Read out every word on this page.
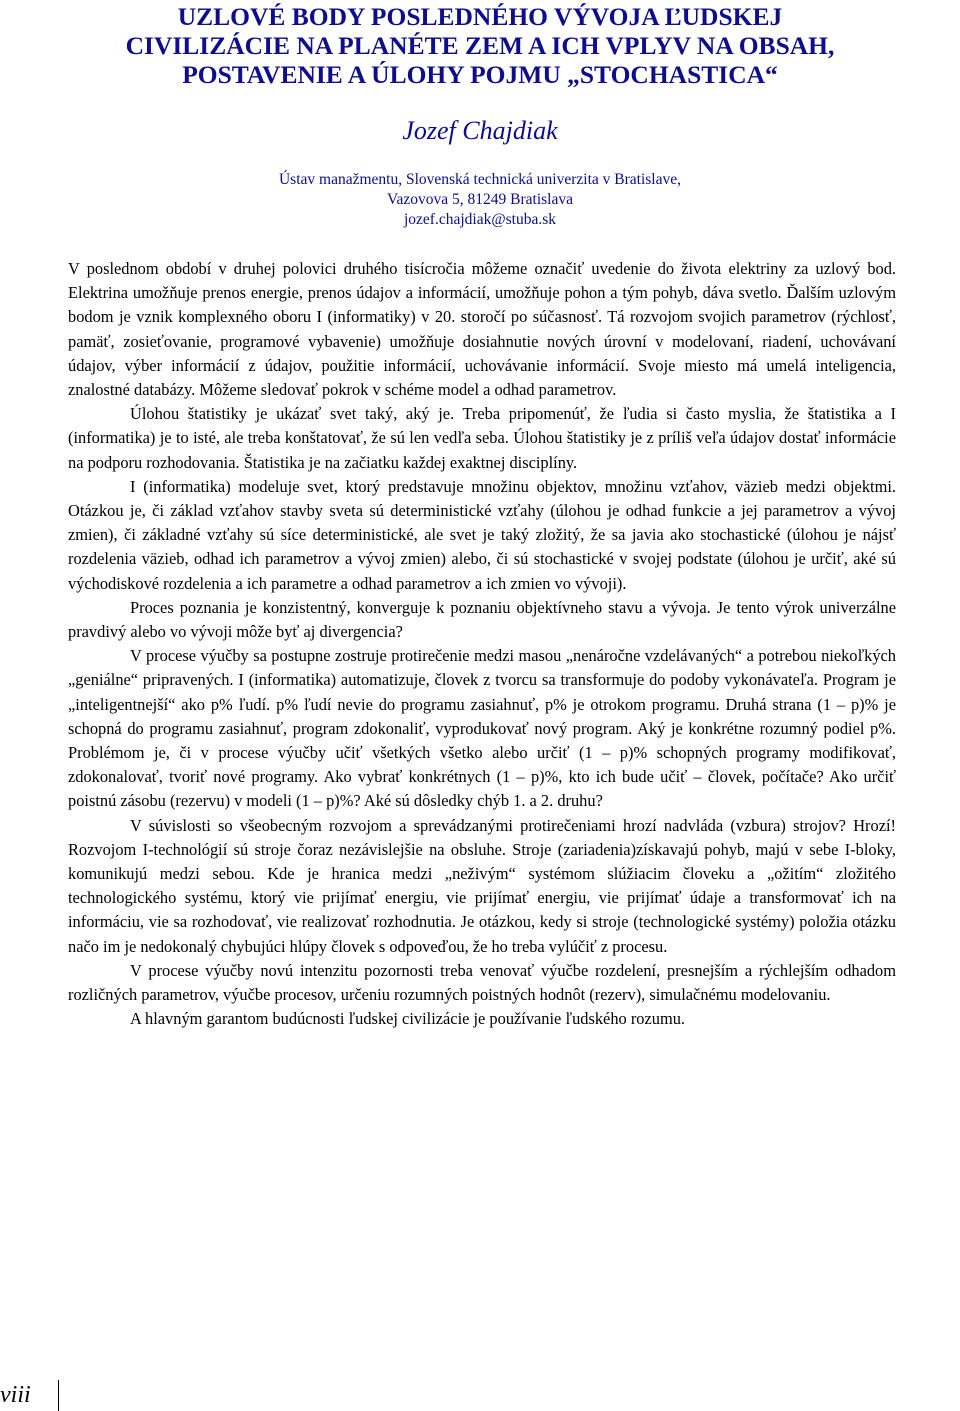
UZLOVÉ BODY POSLEDNÉHO VÝVOJA ĽUDSKEJ
CIVILIZÁCIE NA PLANÉTE ZEM A ICH VPLYV NA OBSAH,
POSTAVENIE A ÚLOHY POJMU „STOCHASTICA“
Jozef Chajdiak
Ústav manažmentu, Slovenská technická univerzita v Bratislave,
Vazovova 5, 81249 Bratislava
jozef.chajdiak@stuba.sk

V poslednom období v druhej polovici druhého tisícročia môžeme označiť uvedenie do života elektriny za uzlový bod. Elektrina umožňuje prenos energie, prenos údajov a informácií, umožňuje pohon a tým pohyb, dáva svetlo. Ďalším uzlovým bodom je vznik komplexného oboru I (informatiky) v 20. storočí po súčasnosť. Tá rozvojom svojich parametrov (rýchlosť, pamäť, zosieťovanie, programové vybavenie) umožňuje dosiahnutie nových úrovní v modelovaní, riadení, uchovávaní údajov, výber informácií z údajov, použitie informácií, uchovávanie informácií. Svoje miesto má umelá inteligencia, znalostné databázy. Môžeme sledovať pokrok v schéme model a odhad parametrov.

Úlohou štatistiky je ukázať svet taký, aký je. Treba pripomenúť, že ľudia si často myslia, že štatistika a I (informatika) je to isté, ale treba konštatovať, že sú len vedľa seba. Úlohou štatistiky je z príliš veľa údajov dostať informácie na podporu rozhodovania. Štatistika je na začiatku každej exaktnej disciplíny.

I (informatika) modeluje svet, ktorý predstavuje množinu objektov, množinu vzťahov, väzieb medzi objektmi. Otázkou je, či základ vzťahov stavby sveta sú deterministické vzťahy (úlohou je odhad funkcie a jej parametrov a vývoj zmien), či základné vzťahy sú síce deterministické, ale svet je taký zložitý, že sa javia ako stochastické (úlohou je nájsť rozdelenia väzieb, odhad ich parametrov a vývoj zmien) alebo, či sú stochastické v svojej podstate (úlohou je určiť, aké sú východiskové rozdelenia a ich parametre a odhad parametrov a ich zmien vo vývoji).

Proces poznania je konzistentný, konverguje k poznaniu objektívneho stavu a vývoja. Je tento výrok univerzálne pravdivý alebo vo vývoji môže byť aj divergencia?

V procese výučby sa postupne zostruje protirečenie medzi masou „nenáročne vzdelávaných“ a potrebou niekoľkých „geniálne“ pripravených. I (informatika) automatizuje, človek z tvorcu sa transformuje do podoby vykonávateľa. Program je „inteligentnejší“ ako p% ľudí. p% ľudí nevie do programu zasiahnuť, p% je otrokom programu. Druhá strana (1 – p)% je schopná do programu zasiahnuť, program zdokonaliť, vyprodukovať nový program. Aký je konkrétne rozumný podiel p%. Problémom je, či v procese výučby učiť všetkých všetko alebo určiť (1 – p)% schopných programy modifikovať, zdokonalovať, tvoriť nové programy. Ako vybrať konkrétnych (1 – p)%, kto ich bude učiť – človek, počítače? Ako určiť poistnú zásobu (rezervu) v modeli (1 – p)%? Aké sú dôsledky chýb 1. a 2. druhu?

V súvislosti so všeobecným rozvojom a sprevádzanými protirečeniami hrozí nadvláda (vzbura) strojov? Hrozí! Rozvojom I-technológií sú stroje čoraz nezávislejšie na obsluhe. Stroje (zariadenia)získavajú pohyb, majú v sebe I-bloky, komunikujú medzi sebou. Kde je hranica medzi „neživým“ systémom slúžiacim človeku a „ožitím“ zložitého technologického systému, ktorý vie prijímať energiu, vie prijímať energiu, vie prijímať údaje a transformovať ich na informáciu, vie sa rozhodovať, vie realizovať rozhodnutia. Je otázkou, kedy si stroje (technologické systémy) položia otázku načo im je nedokonalý chybujúci hlúpy človek s odpoveďou, že ho treba vylúčiť z procesu.

V procese výučby novú intenzitu pozornosti treba venovať výučbe rozdelení, presnejším a rýchlejším odhadom rozličných parametrov, výučbe procesov, určeniu rozumných poistných hodnôt (rezerv), simulačnému modelovaniu.

A hlavným garantom budúcnosti ľudskej civilizácie je používanie ľudského rozumu.

viii
